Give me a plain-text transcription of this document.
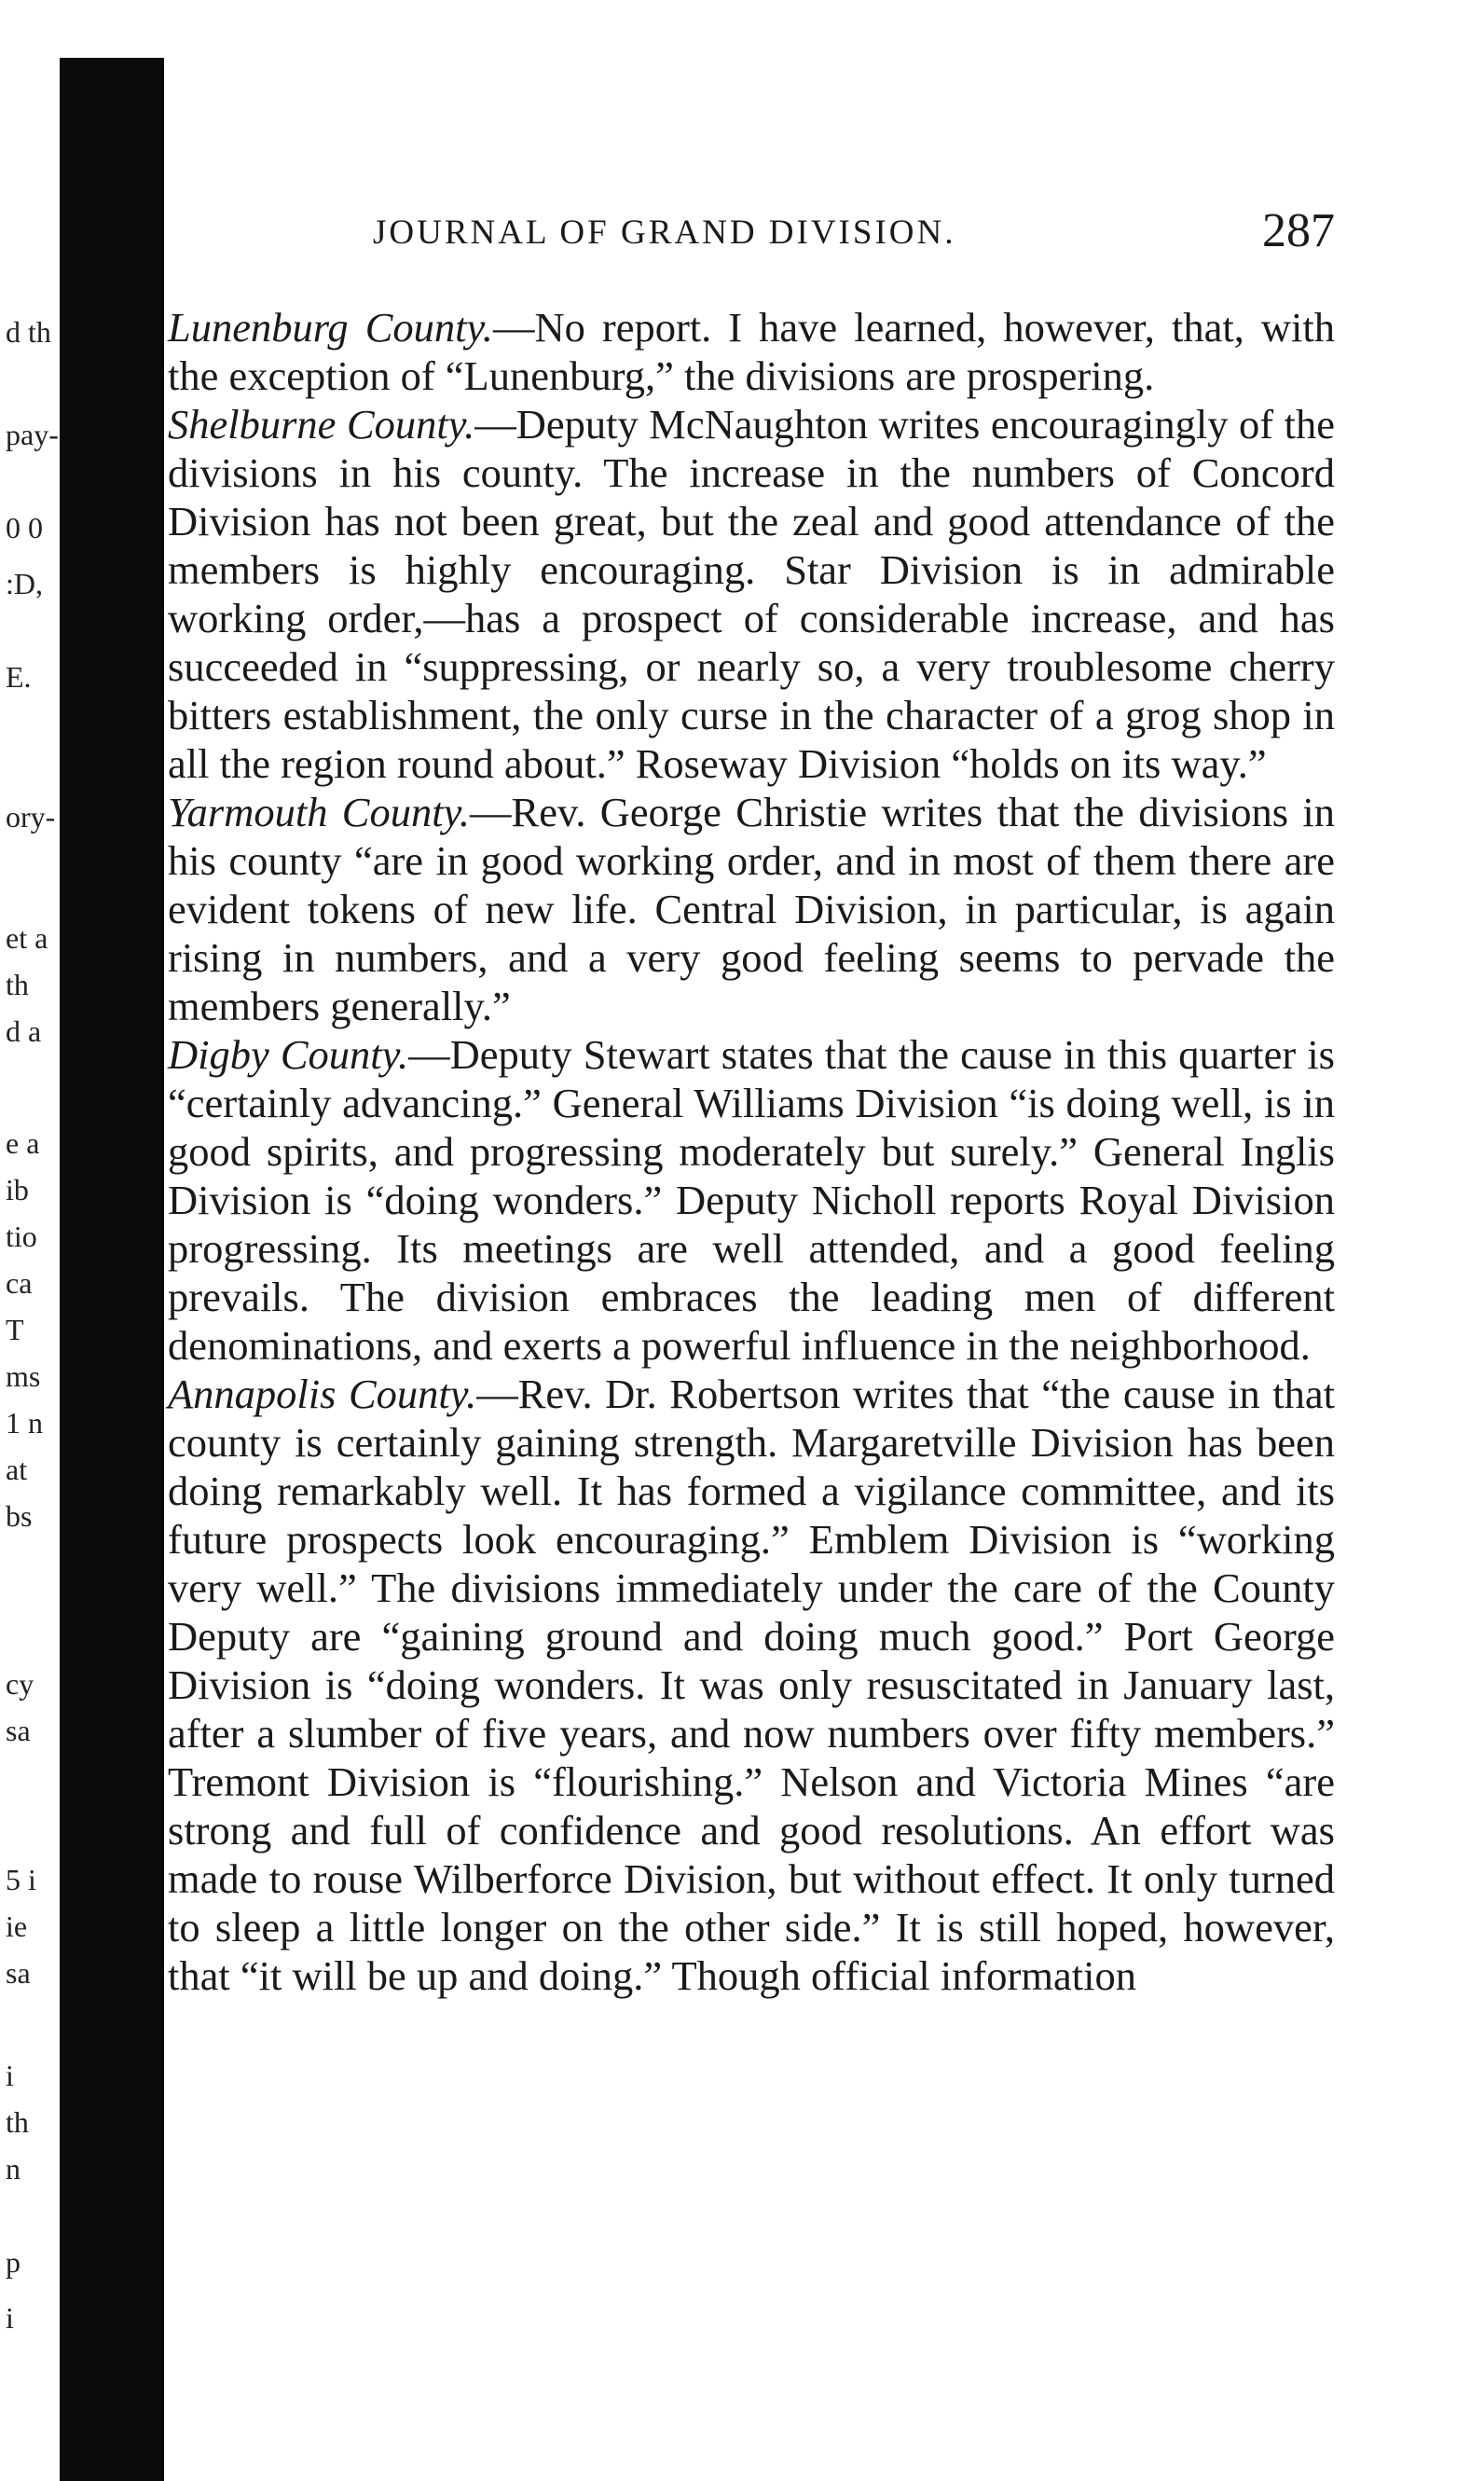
d th
pay-
0 0
:D,
E.
ory-
et a
th
d a
e a
ib
tio
ca
T
ms
1 n
at
bs
cy
sa
5 i
ie
sa
i
th
n
p
i
JOURNAL OF GRAND DIVISION.	287

Lunenburg County.—No report. I have learned, however, that, with the exception of “Lunenburg,” the divisions are prospering.

Shelburne County.—Deputy McNaughton writes encouragingly of the divisions in his county. The increase in the numbers of Concord Division has not been great, but the zeal and good attendance of the members is highly encouraging. Star Division is in admirable working order,—has a prospect of considerable increase, and has succeeded in “suppressing, or nearly so, a very troublesome cherry bitters establishment, the only curse in the character of a grog shop in all the region round about.” Roseway Division “holds on its way.”

Yarmouth County.—Rev. George Christie writes that the divisions in his county “are in good working order, and in most of them there are evident tokens of new life. Central Division, in particular, is again rising in numbers, and a very good feeling seems to pervade the members generally.”

Digby County.—Deputy Stewart states that the cause in this quarter is “certainly advancing.” General Williams Division “is doing well, is in good spirits, and progressing moderately but surely.” General Inglis Division is “doing wonders.” Deputy Nicholl reports Royal Division progressing. Its meetings are well attended, and a good feeling prevails. The division embraces the leading men of different denominations, and exerts a powerful influence in the neighborhood.

Annapolis County.—Rev. Dr. Robertson writes that “the cause in that county is certainly gaining strength. Margaretville Division has been doing remarkably well. It has formed a vigilance committee, and its future prospects look encouraging.” Emblem Division is “working very well.” The divisions immediately under the care of the County Deputy are “gaining ground and doing much good.” Port George Division is “doing wonders. It was only resuscitated in January last, after a slumber of five years, and now numbers over fifty members.” Tremont Division is “flourishing.” Nelson and Victoria Mines “are strong and full of confidence and good resolutions. An effort was made to rouse Wilberforce Division, but without effect. It only turned to sleep a little longer on the other side.” It is still hoped, however, that “it will be up and doing.” Though official information
